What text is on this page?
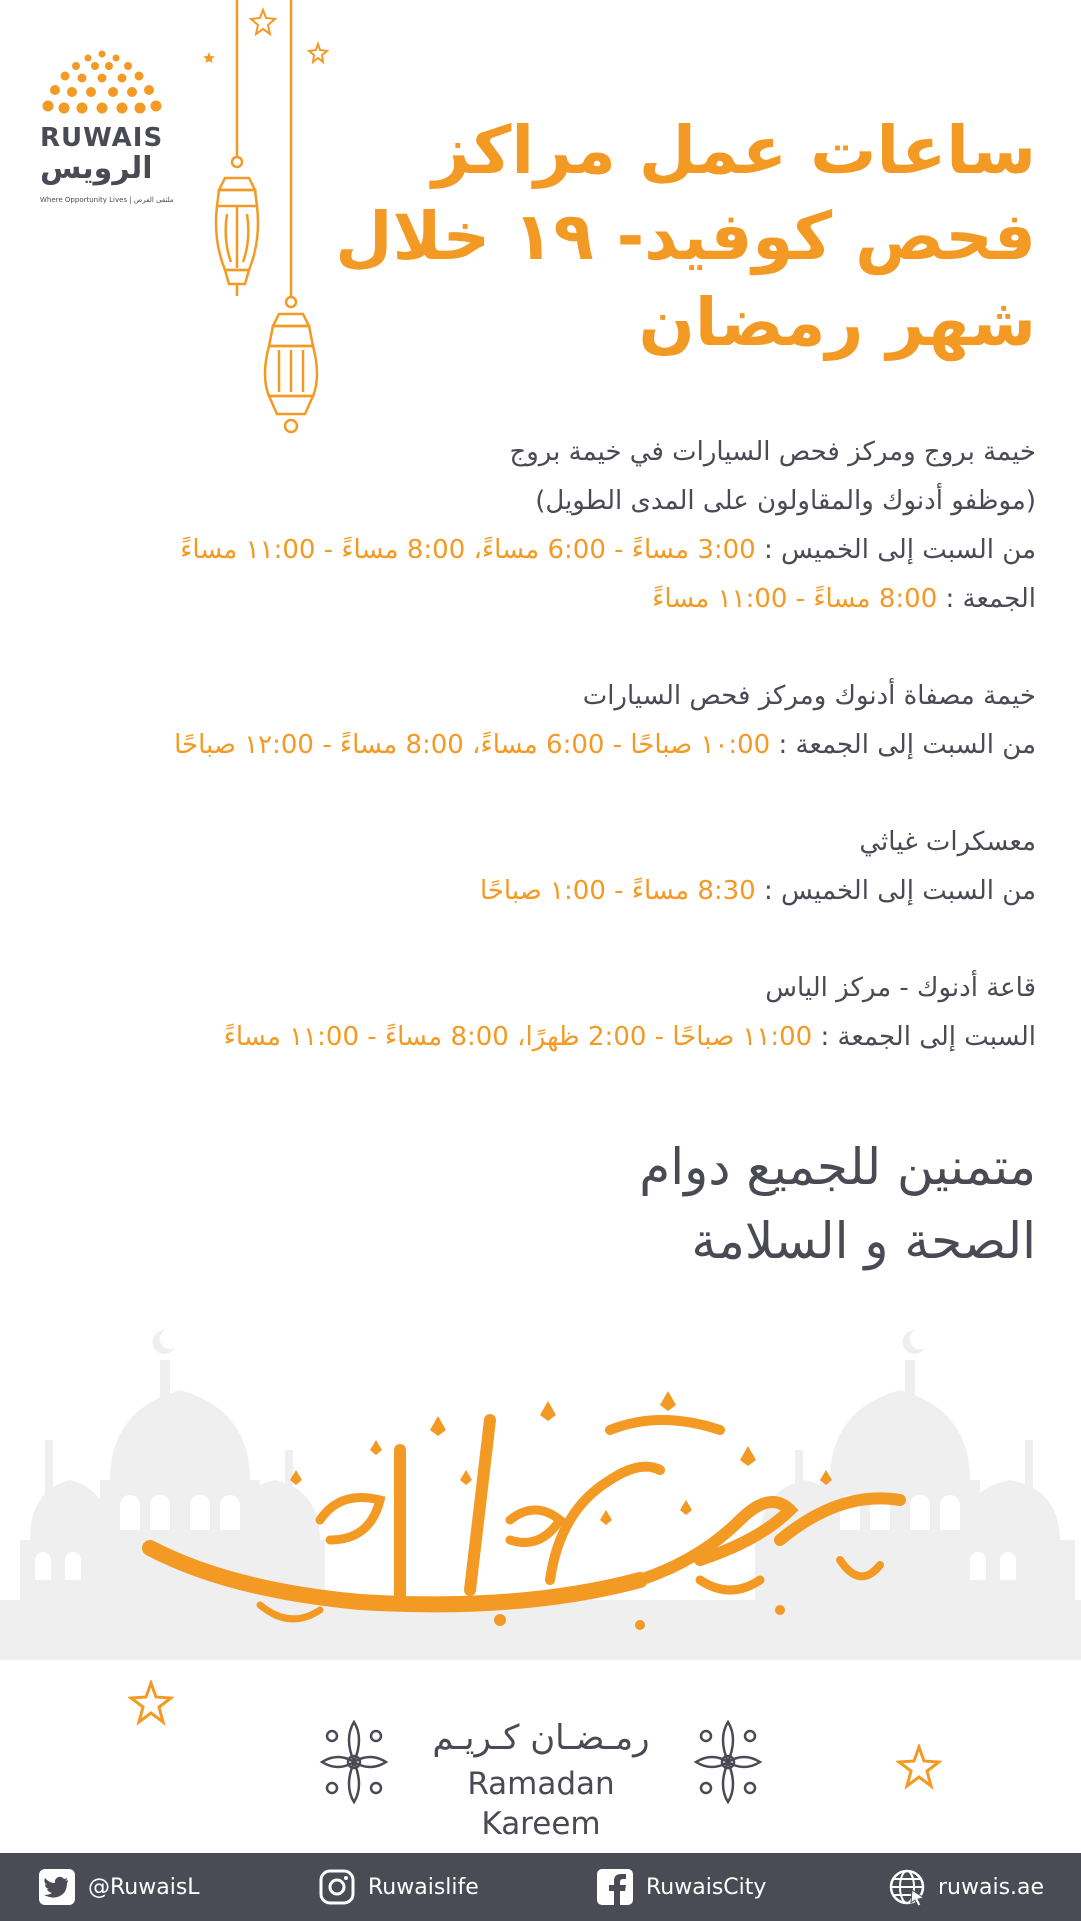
RUWAIS
الرويس
Where Opportunity Lives | ملتقى الفرص
ساعات عمل مراكز
فحص كوفيد- ١٩ خلال
شهر رمضان
خيمة بروج ومركز فحص السيارات في خيمة بروج
(موظفو أدنوك والمقاولون على المدى الطويل)
من السبت إلى الخميس : 3:00 مساءً - 6:00 مساءً، 8:00 مساءً - ١١:00 مساءً
الجمعة : 8:00 مساءً - ١١:00 مساءً
خيمة مصفاة أدنوك ومركز فحص السيارات
من السبت إلى الجمعة : ١٠:00 صباحًا - 6:00 مساءً، 8:00 مساءً - ١٢:00 صباحًا
معسكرات غياثي
من السبت إلى الخميس : 8:30 مساءً - ١:00 صباحًا
قاعة أدنوك - مركز الياس
السبت إلى الجمعة : ١١:00 صباحًا - 2:00 ظهرًا، 8:00 مساءً - ١١:00 مساءً
متمنين للجميع دوام
الصحة و السلامة
رمـضـان كـريـم
Ramadan Kareem
@RuwaisL	Ruwaislife	RuwaisCity	ruwais.ae
